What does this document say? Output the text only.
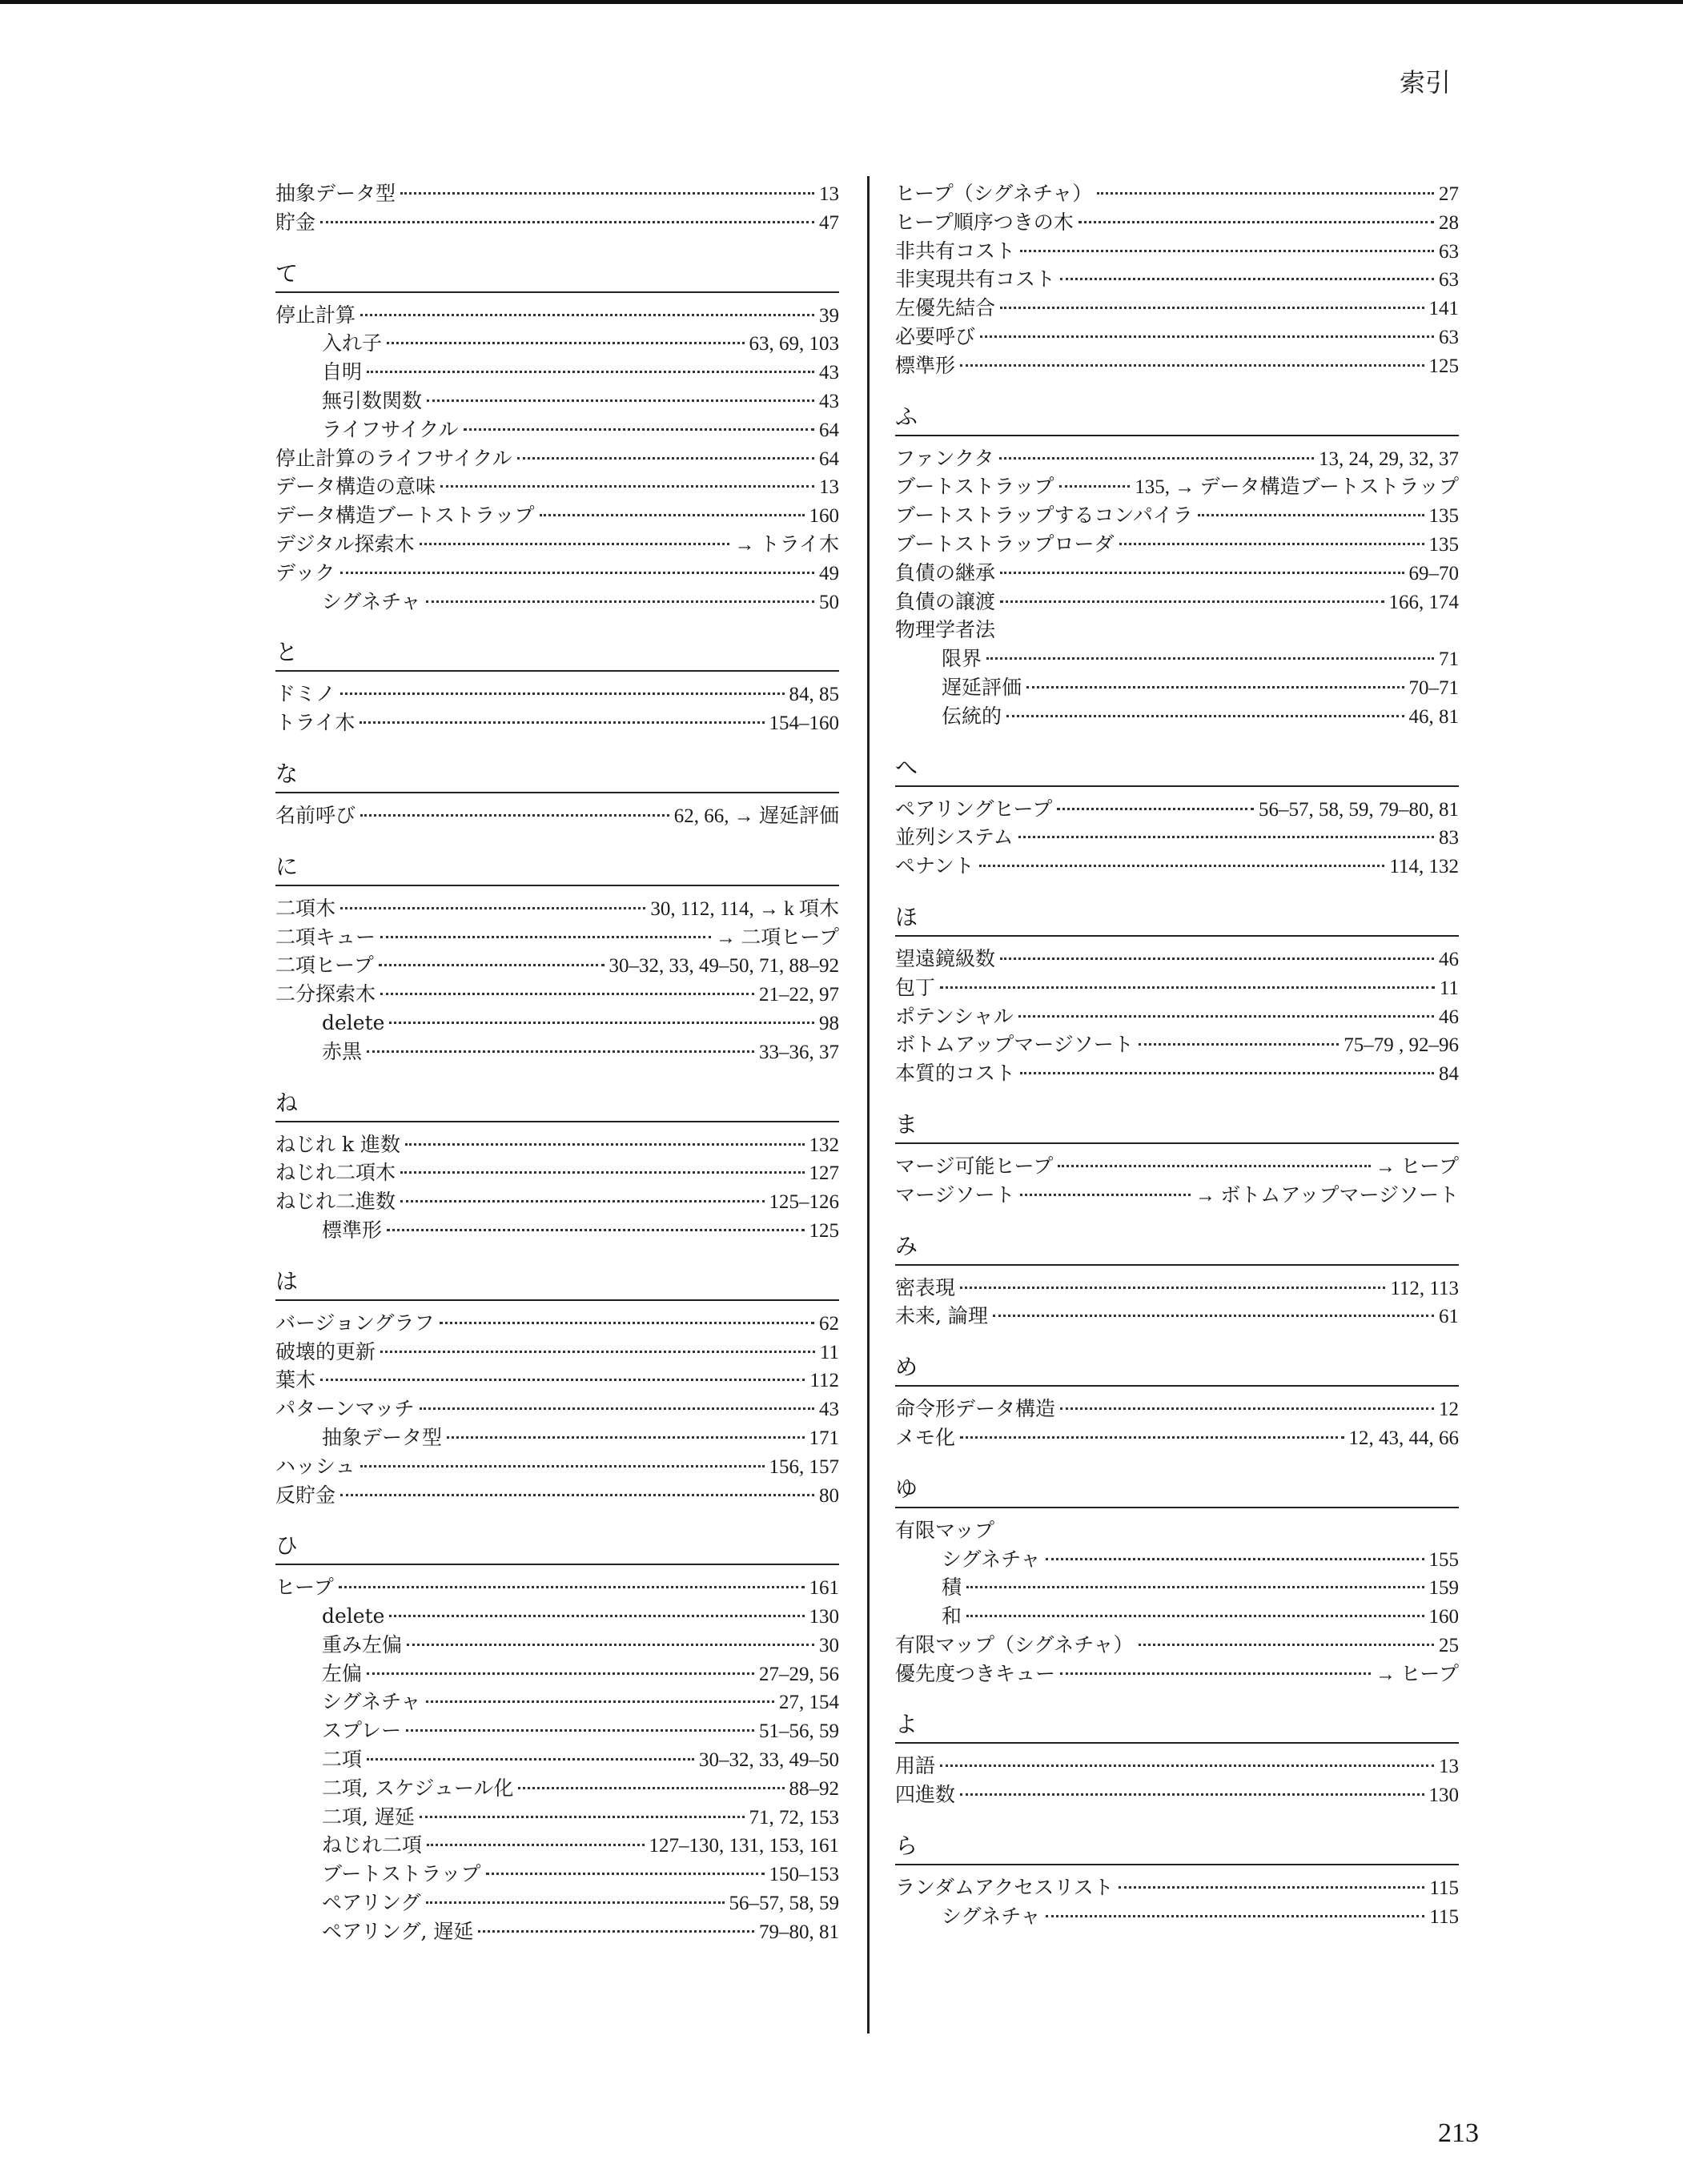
索引
抽象データ型	13
貯金	47
て
停止計算	39
入れ子	63, 69, 103
自明	43
無引数関数	43
ライフサイクル	64
停止計算のライフサイクル	64
データ構造の意味	13
データ構造ブートストラップ	160
デジタル探索木	→ トライ木
デック	49
シグネチャ	50
と
ドミノ	84, 85
トライ木	154–160
な
名前呼び	62, 66, → 遅延評価
に
二項木	30, 112, 114, → k 項木
二項キュー	→ 二項ヒープ
二項ヒープ	30–32, 33, 49–50, 71, 88–92
二分探索木	21–22, 97
delete	98
赤黒	33–36, 37
ね
ねじれ k 進数	132
ねじれ二項木	127
ねじれ二進数	125–126
標準形	125
は
バージョングラフ	62
破壊的更新	11
葉木	112
パターンマッチ	43
抽象データ型	171
ハッシュ	156, 157
反貯金	80
ひ
ヒープ	161
delete	130
重み左偏	30
左偏	27–29, 56
シグネチャ	27, 154
スプレー	51–56, 59
二項	30–32, 33, 49–50
二項, スケジュール化	88–92
二項, 遅延	71, 72, 153
ねじれ二項	127–130, 131, 153, 161
ブートストラップ	150–153
ペアリング	56–57, 58, 59
ペアリング, 遅延	79–80, 81
ヒープ（シグネチャ）	27
ヒープ順序つきの木	28
非共有コスト	63
非実現共有コスト	63
左優先結合	141
必要呼び	63
標準形	125
ふ
ファンクタ	13, 24, 29, 32, 37
ブートストラップ	135, → データ構造ブートストラップ
ブートストラップするコンパイラ	135
ブートストラップローダ	135
負債の継承	69–70
負債の譲渡	166, 174
物理学者法
限界	71
遅延評価	70–71
伝統的	46, 81
へ
ペアリングヒープ	56–57, 58, 59, 79–80, 81
並列システム	83
ペナント	114, 132
ほ
望遠鏡級数	46
包丁	11
ポテンシャル	46
ボトムアップマージソート	75–79 , 92–96
本質的コスト	84
ま
マージ可能ヒープ	→ ヒープ
マージソート	→ ボトムアップマージソート
み
密表現	112, 113
未来, 論理	61
め
命令形データ構造	12
メモ化	12, 43, 44, 66
ゆ
有限マップ
シグネチャ	155
積	159
和	160
有限マップ（シグネチャ）	25
優先度つきキュー	→ ヒープ
よ
用語	13
四進数	130
ら
ランダムアクセスリスト	115
シグネチャ	115
213
